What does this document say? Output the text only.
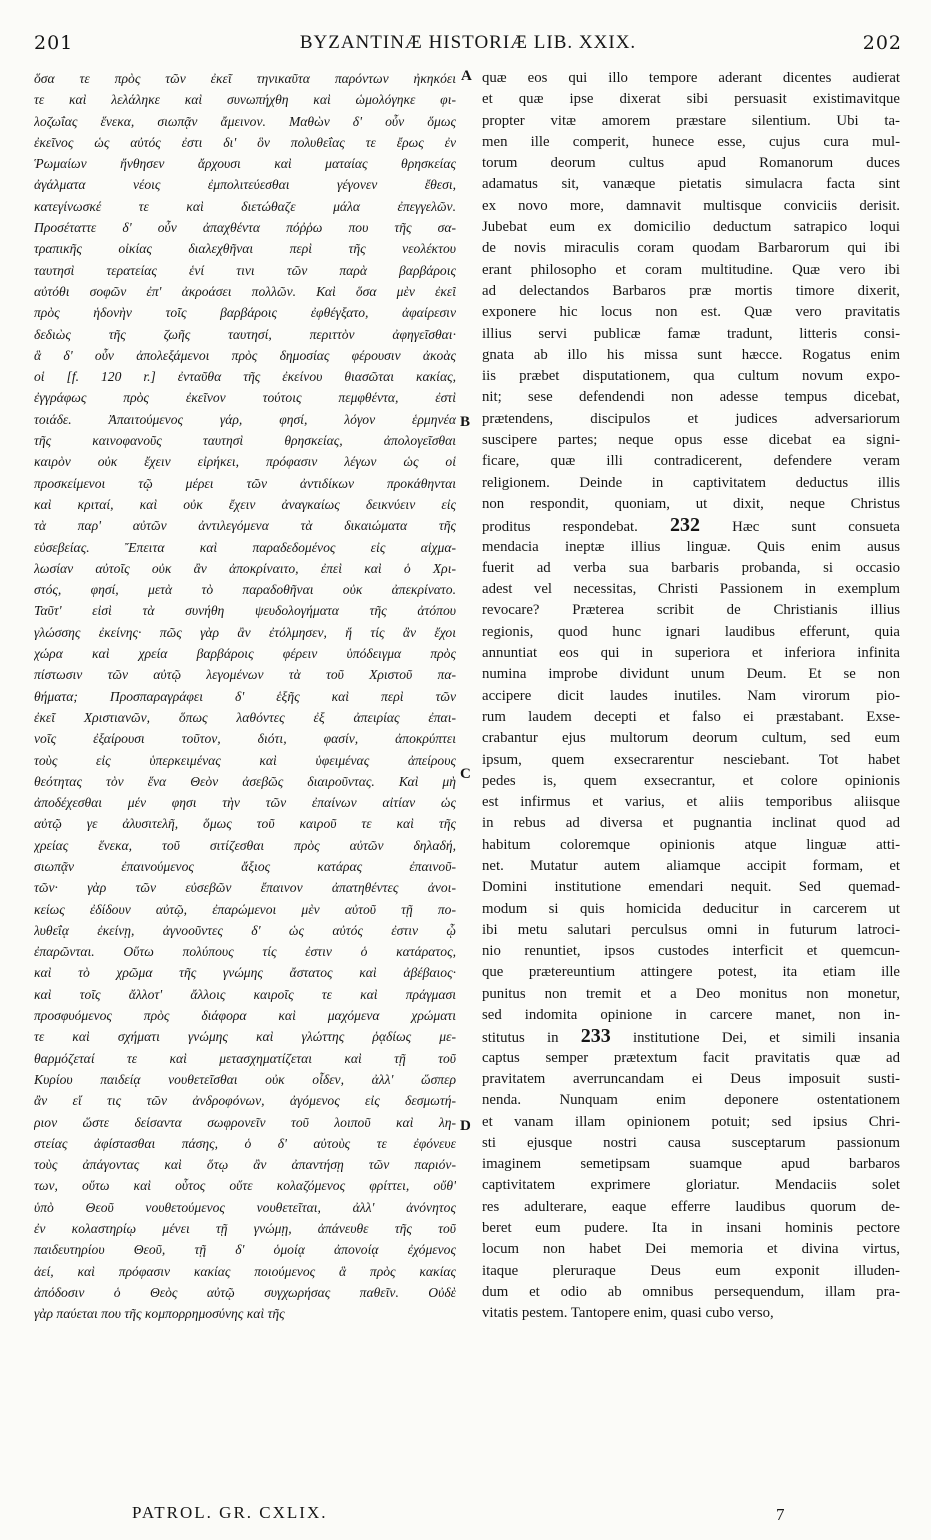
201	BYZANTINÆ HISTORIÆ LIB. XXIX.	202
ὅσα τε πρὸς τῶν ἐκεῖ τηνικαῦτα παρόντων ἠκηκόει
τε καὶ λελάληκε καὶ συνωπήχθη καὶ ὡμολόγηκε φι-
λοζωΐας ἕνεκα, σιωπᾷν ἄμεινον. Μαθὼν δ' οὖν ὅμως
ἐκεῖνος ὡς αὐτός ἐστι δι' ὃν πολυθεΐας τε ἔρως ἐν
Ῥωμαίων ἤνθησεν ἄρχουσι καὶ ματαίας θρησκείας
ἀγάλματα νέοις ἐμπολιτεύεσθαι γέγονεν ἔθεσι,
κατεγίνωσκέ τε καὶ διετώθαζε μάλα ἐπεγγελῶν.
Προσέταττε δ' οὖν ἀπαχθέντα πόῤῥω που τῆς σα-
τραπικῆς οἰκίας διαλεχθῆναι περὶ τῆς νεολέκτου
ταυτησὶ τερατείας ἑνί τινι τῶν παρὰ βαρβάροις
αὐτόθι σοφῶν ἐπ' ἀκροάσει πολλῶν. Καὶ ὅσα μὲν ἐκεῖ
πρὸς ἡδονὴν τοῖς βαρβάροις ἐφθέγξατο, ἀφαίρεσιν
δεδιὼς τῆς ζωῆς ταυτησί, περιττὸν ἀφηγεῖσθαι·
ἃ δ' οὖν ἀπολεξάμενοι πρὸς δημοσίας φέρουσιν ἀκοὰς
οἱ [f. 120 r.] ἐνταῦθα τῆς ἐκείνου θιασῶται κακίας,
ἐγγράφως πρὸς ἐκεῖνον τούτοις πεμφθέντα, ἐστὶ
τοιάδε. Ἀπαιτούμενος γάρ, φησί, λόγον ἑρμηνέα
τῆς καινοφανοῦς ταυτησὶ θρησκείας, ἀπολογεῖσθαι
καιρὸν οὐκ ἔχειν εἰρήκει, πρόφασιν λέγων ὡς οἱ
προσκείμενοι τῷ μέρει τῶν ἀντιδίκων προκάθηνται
καὶ κριταί, καὶ οὐκ ἔχειν ἀναγκαίως δεικνύειν εἰς
τὰ παρ' αὐτῶν ἀντιλεγόμενα τὰ δικαιώματα τῆς
εὐσεβείας. Ἔπειτα καὶ παραδεδομένος εἰς αἰχμα-
λωσίαν αὐτοῖς οὐκ ἂν ἀποκρίναιτο, ἐπεὶ καὶ ὁ Χρι-
στός, φησί, μετὰ τὸ παραδοθῆναι οὐκ ἀπεκρίνατο.
Ταῦτ' εἰσὶ τὰ συνήθη ψευδολογήματα τῆς ἀτόπου
γλώσσης ἐκείνης· πῶς γὰρ ἂν ἐτόλμησεν, ἥ τίς ἂν ἔχοι
χώρα καὶ χρεία βαρβάροις φέρειν ὑπόδειγμα πρὸς
πίστωσιν τῶν αὐτῷ λεγομένων τὰ τοῦ Χριστοῦ πα-
θήματα; Προσπαραγράφει δ' ἑξῆς καὶ περὶ τῶν
ἐκεῖ Χριστιανῶν, ὅπως λαθόντες ἐξ ἀπειρίας ἐπαι-
νοῖς ἐξαίρουσι τοῦτον, διότι, φασίν, ἀποκρύπτει
τοὺς εἰς ὑπερκειμένας καὶ ὑφειμένας ἀπείρους
θεότητας τὸν ἕνα Θεὸν ἀσεβῶς διαιροῦντας. Καὶ μὴ
ἀποδέχεσθαι μέν φησι τὴν τῶν ἐπαίνων αἰτίαν ὡς
αὐτῷ γε ἀλυσιτελῆ, ὅμως τοῦ καιροῦ τε καὶ τῆς
χρείας ἕνεκα, τοῦ σιτίζεσθαι πρὸς αὐτῶν δηλαδή,
σιωπᾷν ἐπαινούμενος ἄξιος κατάρας ἐπαινοῦ-
τῶν· γὰρ τῶν εὐσεβῶν ἔπαινον ἀπατηθέντες ἀνοι-
κείως ἐδίδουν αὐτῷ, ἐπαρώμενοι μὲν αὐτοῦ τῇ πο-
λυθεΐᾳ ἐκείνῃ, ἀγνοοῦντες δ' ὡς αὐτός ἐστιν ᾧ
ἐπαρῶνται. Οὕτω πολύπους τίς ἐστιν ὁ κατάρατος,
καὶ τὸ χρῶμα τῆς γνώμης ἄστατος καὶ ἀβέβαιος·
καὶ τοῖς ἄλλοτ' ἄλλοις καιροῖς τε καὶ πράγμασι
προσφυόμενος πρὸς διάφορα καὶ μαχόμενα χρώματι
τε καὶ σχήματι γνώμης καὶ γλώττης ῥᾳδίως με-
θαρμόζεταί τε καὶ μετασχηματίζεται καὶ τῇ τοῦ
Κυρίου παιδείᾳ νουθετεῖσθαι οὐκ οἶδεν, ἀλλ' ὥσπερ
ἂν εἴ τις τῶν ἀνδροφόνων, ἀγόμενος εἰς δεσμωτή-
ριον ὥστε δείσαντα σωφρονεῖν τοῦ λοιποῦ καὶ λη-
στείας ἀφίστασθαι πάσης, ὁ δ' αὐτοὺς τε ἐφόνευε
τοὺς ἀπάγοντας καὶ ὅτῳ ἂν ἀπαντήσῃ τῶν παριόν-
των, οὕτω καὶ οὗτος οὔτε κολαζόμενος φρίττει, οὔθ'
ὑπὸ Θεοῦ νουθετούμενος νουθετεῖται, ἀλλ' ἀνόνητος
ἐν κολαστηρίῳ μένει τῇ γνώμῃ, ἀπάνευθε τῆς τοῦ
παιδευτηρίου Θεοῦ, τῇ δ' ὁμοίᾳ ἀπονοίᾳ ἐχόμενος
ἀεί, καὶ πρόφασιν κακίας ποιούμενος ἃ πρὸς κακίας
ἀπόδοσιν ὁ Θεὸς αὐτῷ συγχωρήσας παθεῖν. Οὐδὲ
γὰρ παύεται που τῆς κομπορρημοσύνης καὶ τῆς
quæ eos qui illo tempore aderant dicentes audierat
et quæ ipse dixerat sibi persuasit existimavitque
propter vitæ amorem præstare silentium. Ubi ta-
men ille comperit, hunece esse, cujus cura mul-
torum deorum cultus apud Romanorum duces
adamatus sit, vanæque pietatis simulacra facta sint
ex novo more, damnavit multisque conviciis derisit.
Jubebat eum ex domicilio deductum satrapico loqui
de novis miraculis coram quodam Barbarorum qui ibi
erant philosopho et coram multitudine. Quæ vero ibi
ad delectandos Barbaros præ mortis timore dixerit,
exponere hic locus non est. Quæ vero pravitatis
illius servi publicæ famæ tradunt, litteris consi-
gnata ab illo his missa sunt hæcce. Rogatus enim
iis præbet disputationem, qua cultum novum expo-
nit; sese defendendi non adesse tempus dicebat,
prætendens, discipulos et judices adversariorum
suscipere partes; neque opus esse dicebat ea signi-
ficare, quæ illi contradicerent, defendere veram
religionem. Deinde in captivitatem deductus illis
non respondit, quoniam, ut dixit, neque Christus
proditus respondebat. 232 Hæc sunt consueta
mendacia ineptæ illius linguæ. Quis enim ausus
fuerit ad verba sua barbaris probanda, si occasio
adest vel necessitas, Christi Passionem in exemplum
revocare? Præterea scribit de Christianis illius
regionis, quod hunc ignari laudibus efferunt, quia
annuntiat eos qui in superiora et inferiora infinita
numina improbe dividunt unum Deum. Et se non
accipere dicit laudes inutiles. Nam virorum pio-
rum laudem decepti et falso ei præstabant. Exse-
crabantur ejus multorum deorum cultum, sed eum
ipsum, quem exsecrarentur nesciebant. Tot habet
pedes is, quem exsecrantur, et colore opinionis
est infirmus et varius, et aliis temporibus aliisque
in rebus ad diversa et pugnantia inclinat quod ad
habitum coloremque opinionis atque linguæ atti-
net. Mutatur autem aliamque accipit formam, et
Domini institutione emendari nequit. Sed quemad-
modum si quis homicida deducitur in carcerem ut
ibi metu salutari perculsus omni in futurum latroci-
nio renuntiet, ipsos custodes interficit et quemcun-
que prætereuntium attingere potest, ita etiam ille
punitus non tremit et a Deo monitus non monetur,
sed indomita opinione in carcere manet, non in-
stitutus in 233 institutione Dei, et simili insania
captus semper prætextum facit pravitatis quæ ad
pravitatem averruncandam ei Deus imposuit susti-
nenda. Nunquam enim deponere ostentationem
et vanam illam opinionem potuit; sed ipsius Chri-
sti ejusque nostri causa susceptarum passionum
imaginem semetipsam suamque apud barbaros
captivitatem exprimere gloriatur. Mendaciis solet
res adulterare, eaque efferre laudibus quorum de-
beret eum pudere. Ita in insani hominis pectore
locum non habet Dei memoria et divina virtus,
itaque pleruraque Deus eum exponit illuden-
dum et odio ab omnibus persequendum, illam pra-
vitatis pestem. Tantopere enim, quasi cubo verso,
A
B
C
D
PATROL. GR. CXLIX.	7
